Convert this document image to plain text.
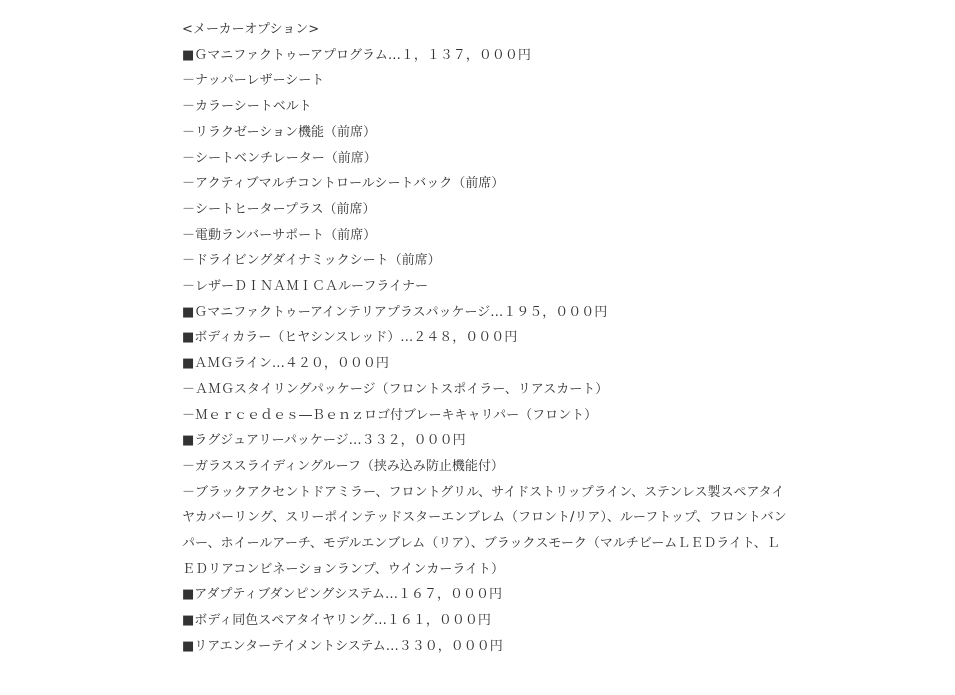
<メーカーオプション>
■Ｇマニファクトゥーアプログラム…１，１３７，０００円
－ナッパーレザーシート
－カラーシートベルト
－リラクゼーション機能（前席）
－シートベンチレーター（前席）
－アクティブマルチコントロールシートバック（前席）
－シートヒータープラス（前席）
－電動ランバーサポート（前席）
－ドライビングダイナミックシート（前席）
－レザーＤＩＮＡＭＩＣＡルーフライナー
■Ｇマニファクトゥーアインテリアプラスパッケージ…１９５，０００円
■ボディカラー（ヒヤシンスレッド）…２４８，０００円
■ＡＭＧライン…４２０，０００円
－ＡＭＧスタイリングパッケージ（フロントスポイラー、リアスカート）
－Ｍｅｒｃｅｄｅｓ―Ｂｅｎｚロゴ付ブレーキキャリパー（フロント）
■ラグジュアリーパッケージ…３３２，０００円
－ガラススライディングルーフ（挟み込み防止機能付）
－ブラックアクセントドアミラー、フロントグリル、サイドストリップライン、ステンレス製スペアタイヤカバーリング、スリーポインテッドスターエンブレム（フロント/リア）、ルーフトップ、フロントバンパー、ホイールアーチ、モデルエンブレム（リア）、ブラックスモーク（マルチビームＬＥＤライト、ＬＥＤリアコンビネーションランプ、ウインカーライト）
■アダプティブダンピングシステム…１６７，０００円
■ボディ同色スペアタイヤリング…１６１，０００円
■リアエンターテイメントシステム…３３０，０００円
